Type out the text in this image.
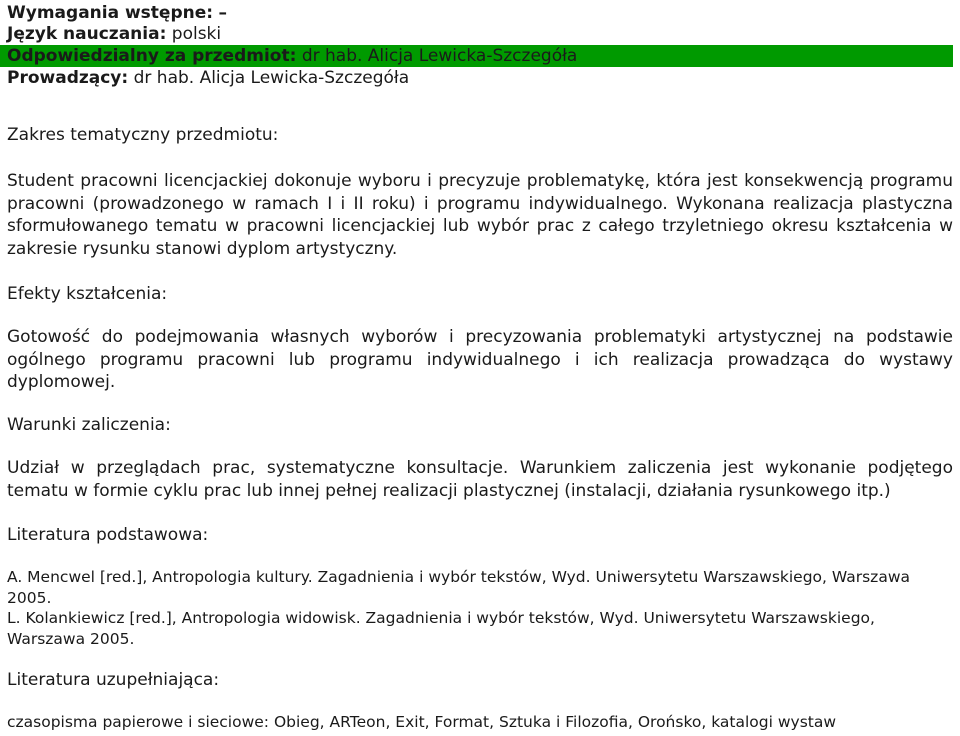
Wymagania wstępne: –
Język nauczania: polski
Odpowiedzialny za przedmiot: dr hab. Alicja Lewicka-Szczegóła
Prowadzący: dr hab. Alicja Lewicka-Szczegóła
Zakres tematyczny przedmiotu:
Student pracowni licencjackiej dokonuje wyboru i precyzuje problematykę, która jest konsekwencją programu pracowni (prowadzonego w ramach I i II roku) i programu indywidualnego. Wykonana realizacja plastyczna sformułowanego tematu w pracowni licencjackiej lub wybór prac z całego trzyletniego okresu kształcenia w zakresie rysunku stanowi dyplom artystyczny.
Efekty kształcenia:
Gotowość do podejmowania własnych wyborów i precyzowania problematyki artystycznej na podstawie ogólnego programu pracowni lub programu indywidualnego i ich realizacja prowadząca do wystawy dyplomowej.
Warunki zaliczenia:
Udział w przeglądach prac, systematyczne konsultacje. Warunkiem zaliczenia jest wykonanie podjętego tematu w formie cyklu prac lub innej pełnej realizacji plastycznej (instalacji, działania rysunkowego itp.)
Literatura podstawowa:
A. Mencwel [red.], Antropologia kultury. Zagadnienia i wybór tekstów, Wyd. Uniwersytetu Warszawskiego, Warszawa 2005.
L. Kolankiewicz [red.], Antropologia widowisk. Zagadnienia i wybór tekstów, Wyd. Uniwersytetu Warszawskiego, Warszawa 2005.
Literatura uzupełniająca:
czasopisma papierowe i sieciowe: Obieg, ARTeon, Exit, Format, Sztuka i Filozofia, Orońsko, katalogi wystaw
